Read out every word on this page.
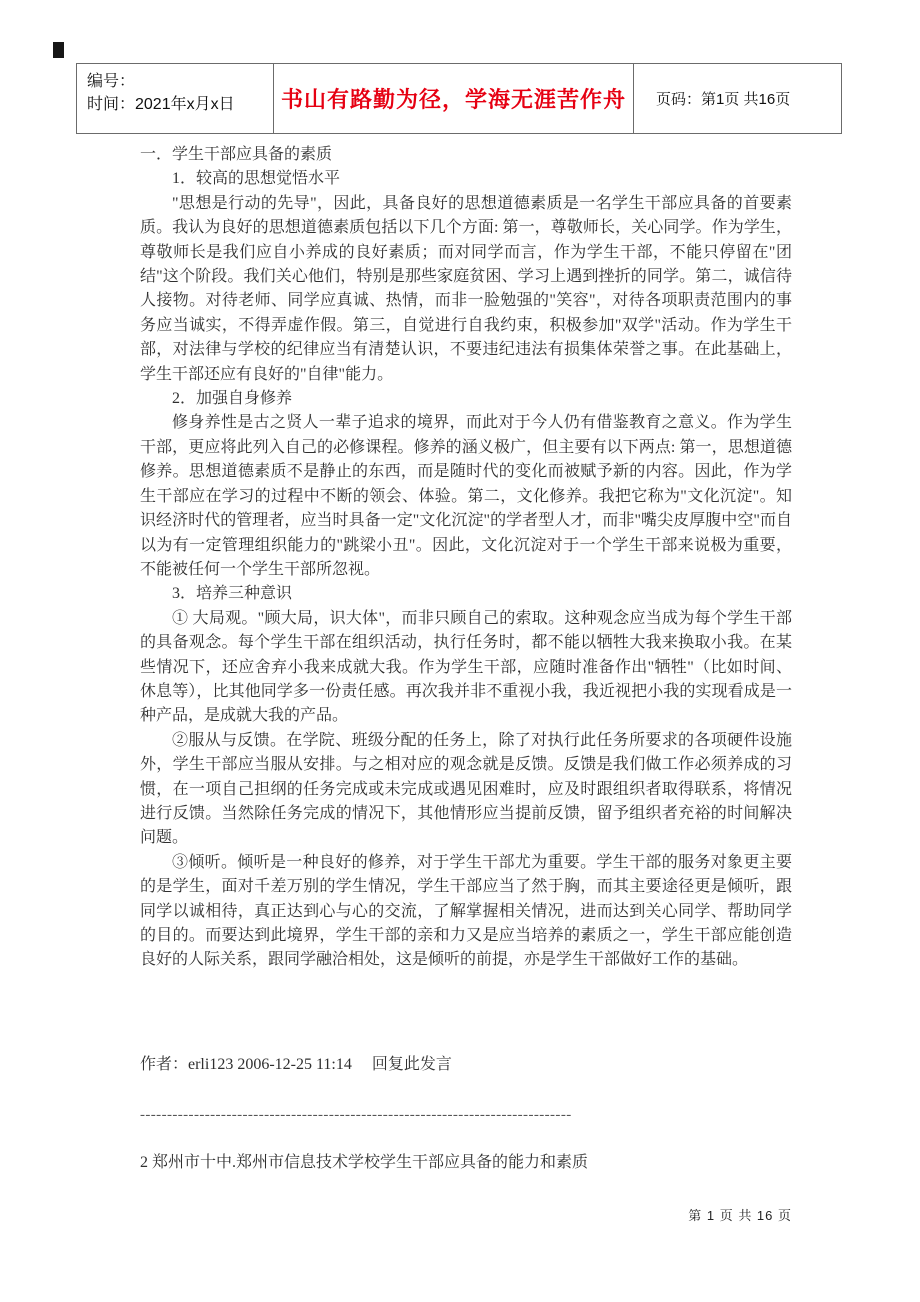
编号：
时间：2021年x月x日	书山有路勤为径，学海无涯苦作舟 页码：第1页 共16页
一．学生干部应具备的素质
1．较高的思想觉悟水平
"思想是行动的先导"，因此，具备良好的思想道德素质是一名学生干部应具备的首要素质。我认为良好的思想道德素质包括以下几个方面: 第一，尊敬师长，关心同学。作为学生，尊敬师长是我们应自小养成的良好素质；而对同学而言，作为学生干部，不能只停留在"团结"这个阶段。我们关心他们，特别是那些家庭贫困、学习上遇到挫折的同学。第二，诚信待人接物。对待老师、同学应真诚、热情，而非一脸勉强的"笑容"，对待各项职责范围内的事务应当诚实，不得弄虚作假。第三，自觉进行自我约束，积极参加"双学"活动。作为学生干部，对法律与学校的纪律应当有清楚认识，不要违纪违法有损集体荣誉之事。在此基础上，学生干部还应有良好的"自律"能力。
2．加强自身修养
修身养性是古之贤人一辈子追求的境界，而此对于今人仍有借鉴教育之意义。作为学生干部，更应将此列入自己的必修课程。修养的涵义极广，但主要有以下两点: 第一，思想道德修养。思想道德素质不是静止的东西，而是随时代的变化而被赋予新的内容。因此，作为学生干部应在学习的过程中不断的领会、体验。第二，文化修养。我把它称为"文化沉淀"。知识经济时代的管理者，应当时具备一定"文化沉淀"的学者型人才，而非"嘴尖皮厚腹中空"而自以为有一定管理组织能力的"跳梁小丑"。因此，文化沉淀对于一个学生干部来说极为重要，不能被任何一个学生干部所忽视。
3．培养三种意识
① 大局观。"顾大局，识大体"，而非只顾自己的索取。这种观念应当成为每个学生干部的具备观念。每个学生干部在组织活动，执行任务时，都不能以牺牲大我来换取小我。在某些情况下，还应舍弃小我来成就大我。作为学生干部，应随时准备作出"牺牲"（比如时间、休息等），比其他同学多一份责任感。再次我并非不重视小我，我近视把小我的实现看成是一种产品，是成就大我的产品。
②服从与反馈。在学院、班级分配的任务上，除了对执行此任务所要求的各项硬件设施外，学生干部应当服从安排。与之相对应的观念就是反馈。反馈是我们做工作必须养成的习惯，在一项自己担纲的任务完成或未完成或遇见困难时，应及时跟组织者取得联系，将情况进行反馈。当然除任务完成的情况下，其他情形应当提前反馈，留予组织者充裕的时间解决问题。
③倾听。倾听是一种良好的修养，对于学生干部尤为重要。学生干部的服务对象更主要的是学生，面对千差万别的学生情况，学生干部应当了然于胸，而其主要途径更是倾听，跟同学以诚相待，真正达到心与心的交流，了解掌握相关情况，进而达到关心同学、帮助同学的目的。而要达到此境界，学生干部的亲和力又是应当培养的素质之一，学生干部应能创造良好的人际关系，跟同学融洽相处，这是倾听的前提，亦是学生干部做好工作的基础。
作者：erli123 2006-12-25 11:14 回复此发言
--------------------------------------------------------------------------------
2 郑州市十中.郑州市信息技术学校学生干部应具备的能力和素质
第 1 页 共 16 页
